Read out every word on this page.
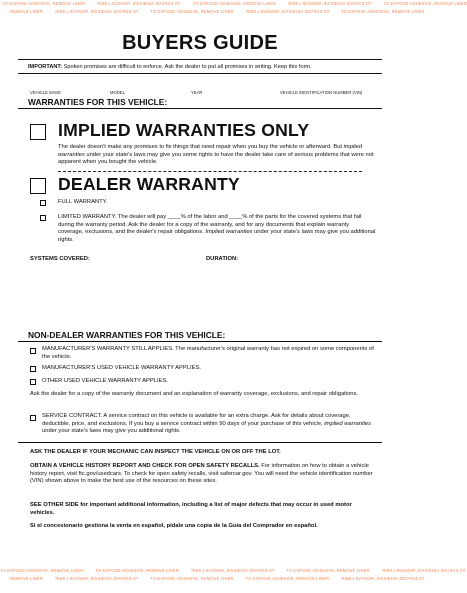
TO EXPOSE ADHESIVE, REMOVE LINER	TO EXPOSE ADHESIVE, REMOVE LINER	TO EXPOSE ADHESIVE, REMOVE LINER	TO EXPOSE ADHESIVE, REMOVE LINER	TO EXPOSE ADHESIVE, REMOVE LINER
REMOVE LINER	TO EXPOSE ADHESIVE, REMOVE LINER	TO EXPOSE ADHESIVE, REMOVE LINER	TO EXPOSE ADHESIVE, REMOVE LINER	TO EXPOSE ADHESIVE, REMOVE LINER
BUYERS GUIDE
IMPORTANT: Spoken promises are difficult to enforce. Ask the dealer to put all promises in writing. Keep this form.
VEHICLE MAKE	MODEL	YEAR	VEHICLE IDENTIFICATION NUMBER (VIN)
WARRANTIES FOR THIS VEHICLE:
IMPLIED WARRANTIES ONLY
The dealer doesn't make any promises to fix things that need repair when you buy the vehicle or afterward. But implied warranties under your state's laws may give you some rights to have the dealer take care of serious problems that were not apparent when you bought the vehicle.
DEALER WARRANTY
FULL WARRANTY.
LIMITED WARRANTY. The dealer will pay ____% of the labor and ____% of the parts for the covered systems that fail during the warranty period. Ask the dealer for a copy of the warranty, and for any documents that explain warranty coverage, exclusions, and the dealer's repair obligations. Implied warranties under your state's laws may give you additional rights.
SYSTEMS COVERED:	DURATION:
NON-DEALER WARRANTIES FOR THIS VEHICLE:
MANUFACTURER'S WARRANTY STILL APPLIES. The manufacturer's original warranty has not expired on some components of the vehicle.
MANUFACTURER'S USED VEHICLE WARRANTY APPLIES.
OTHER USED VEHICLE WARRANTY APPLIES.
Ask the dealer for a copy of the warranty document and an explanation of warranty coverage, exclusions, and repair obligations.
SERVICE CONTRACT. A service contract on this vehicle is available for an extra charge. Ask for details about coverage, deductible, price, and exclusions. If you buy a service contract within 90 days of your purchase of this vehicle, implied warranties under your state's laws may give you additional rights.
ASK THE DEALER IF YOUR MECHANIC CAN INSPECT THE VEHICLE ON OR OFF THE LOT.
OBTAIN A VEHICLE HISTORY REPORT AND CHECK FOR OPEN SAFETY RECALLS. For information on how to obtain a vehicle history report, visit ftc.gov/usedcars. To check for open safety recalls, visit safercar.gov. You will need the vehicle identification number (VIN) shown above to make the best use of the resources on these sites.
SEE OTHER SIDE for important additional information, including a list of major defects that may occur in used motor vehicles.
Si el concesionario gestiona la venta en español, pídale una copia de la Guía del Comprador en español.
TO EXPOSE ADHESIVE, REMOVE LINER	TO EXPOSE ADHESIVE, REMOVE LINER	TO EXPOSE ADHESIVE, REMOVE LINER	TO EXPOSE ADHESIVE, REMOVE LINER	TO EXPOSE ADHESIVE, REMOVE LINER
REMOVE LINER	TO EXPOSE ADHESIVE, REMOVE LINER	TO EXPOSE ADHESIVE, REMOVE LINER	TO EXPOSE ADHESIVE, REMOVE LINER	TO EXPOSE ADHESIVE, REMOVE LINER
